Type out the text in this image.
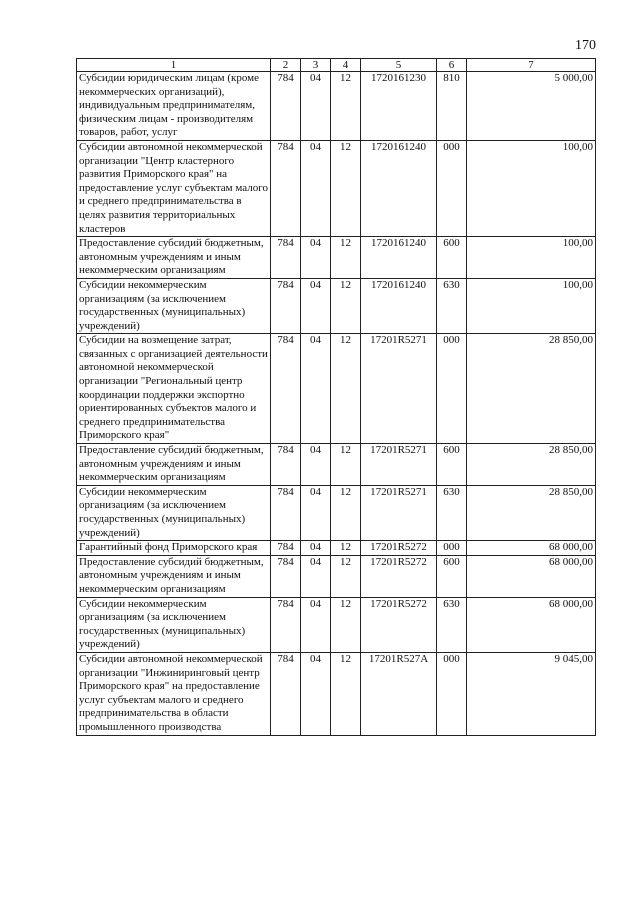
170
1	2	3	4	5	6	7
Субсидии юридическим лицам (кроме некоммерческих организаций), индивидуальным предпринимателям, физическим лицам - производителям товаров, работ, услуг	784	04	12	1720161230	810	5 000,00
Субсидии автономной некоммерческой организации "Центр кластерного развития Приморского края" на предоставление услуг субъектам малого и среднего предпринимательства в целях развития территориальных кластеров	784	04	12	1720161240	000	100,00
Предоставление субсидий бюджетным, автономным учреждениям и иным некоммерческим организациям	784	04	12	1720161240	600	100,00
Субсидии некоммерческим организациям (за исключением государственных (муниципальных) учреждений)	784	04	12	1720161240	630	100,00
Субсидии на возмещение затрат, связанных с организацией деятельности автономной некоммерческой организации "Региональный центр координации поддержки экспортно ориентированных субъектов малого и среднего предпринимательства Приморского края"	784	04	12	17201R5271	000	28 850,00
Предоставление субсидий бюджетным, автономным учреждениям и иным некоммерческим организациям	784	04	12	17201R5271	600	28 850,00
Субсидии некоммерческим организациям (за исключением государственных (муниципальных) учреждений)	784	04	12	17201R5271	630	28 850,00
Гарантийный фонд Приморского края	784	04	12	17201R5272	000	68 000,00
Предоставление субсидий бюджетным, автономным учреждениям и иным некоммерческим организациям	784	04	12	17201R5272	600	68 000,00
Субсидии некоммерческим организациям (за исключением государственных (муниципальных) учреждений)	784	04	12	17201R5272	630	68 000,00
Субсидии автономной некоммерческой организации "Инжиниринговый центр Приморского края" на предоставление услуг субъектам малого и среднего предпринимательства в области промышленного производства	784	04	12	17201R527A	000	9 045,00
